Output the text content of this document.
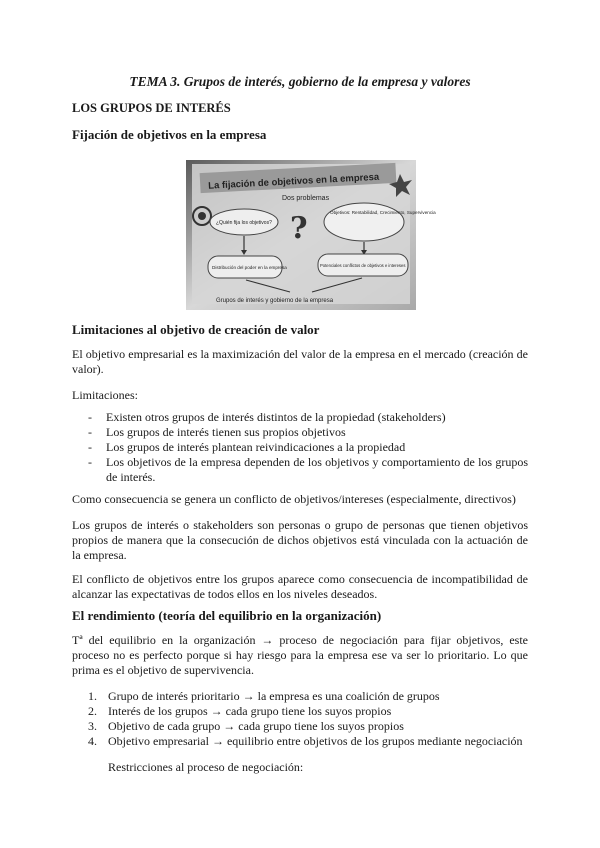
TEMA 3. Grupos de interés, gobierno de la empresa y valores
LOS GRUPOS DE INTERÉS
Fijación de objetivos en la empresa
La fijación de objetivos en la empresa
Dos problemas
?
¿Quién fija los objetivos?
Objetivos: Rentabilidad, Crecimiento, Supervivencia
Distribución del poder en la empresa	Potenciales conflictos de objetivos e intereses
Grupos de interés y gobierno de la empresa
Limitaciones al objetivo de creación de valor

El objetivo empresarial es la maximización del valor de la empresa en el mercado (creación de valor).

Limitaciones:

- Existen otros grupos de interés distintos de la propiedad (stakeholders)
- Los grupos de interés tienen sus propios objetivos
- Los grupos de interés plantean reivindicaciones a la propiedad
- Los objetivos de la empresa dependen de los objetivos y comportamiento de los grupos de interés.

Como consecuencia se genera un conflicto de objetivos/intereses (especialmente, directivos)

Los grupos de interés o stakeholders son personas o grupo de personas que tienen objetivos propios de manera que la consecución de dichos objetivos está vinculada con la actuación de la empresa.

El conflicto de objetivos entre los grupos aparece como consecuencia de incompatibilidad de alcanzar las expectativas de todos ellos en los niveles deseados.

El rendimiento (teoría del equilibrio en la organización)

Tª del equilibrio en la organización → proceso de negociación para fijar objetivos, este proceso no es perfecto porque si hay riesgo para la empresa ese va ser lo prioritario. Lo que prima es el objetivo de supervivencia.

1. Grupo de interés prioritario → la empresa es una coalición de grupos
2. Interés de los grupos → cada grupo tiene los suyos propios
3. Objetivo de cada grupo → cada grupo tiene los suyos propios
4. Objetivo empresarial → equilibrio entre objetivos de los grupos mediante negociación

Restricciones al proceso de negociación:
